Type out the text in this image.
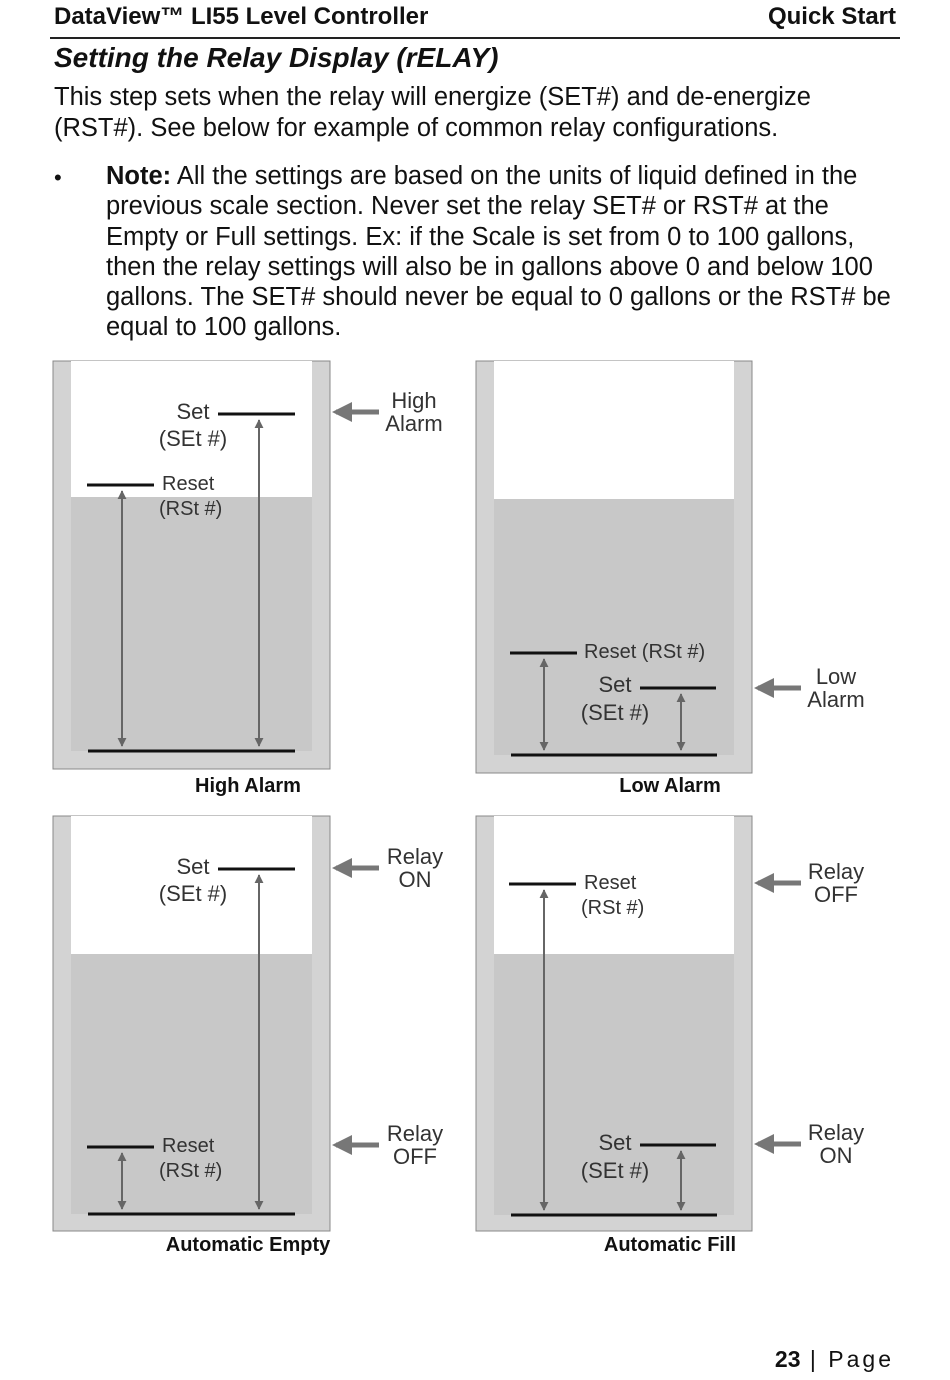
DataView™ LI55 Level Controller	Quick Start
Setting the Relay Display (rELAY)
This step sets when the relay will energize (SET#) and de-energize (RST#). See below for example of common relay configurations.
• Note: All the settings are based on the units of liquid defined in the previous scale section. Never set the relay SET# or RST# at the Empty or Full settings. Ex: if the Scale is set from 0 to 100 gallons, then the relay settings will also be in gallons above 0 and below 100 gallons. The SET# should never be equal to 0 gallons or the RST# be equal to 100 gallons.
Set
(SEt #)
Reset
(RSt #)
High
Alarm
High Alarm
Reset (RSt #)
Set
(SEt #)
Low
Alarm
Low Alarm
Set
(SEt #)
Reset
(RSt #)
Relay
ON
Relay
OFF
Automatic Empty
Reset
(RSt #)
Set
(SEt #)
Relay
OFF
Relay
ON
Automatic Fill
23 | Page
